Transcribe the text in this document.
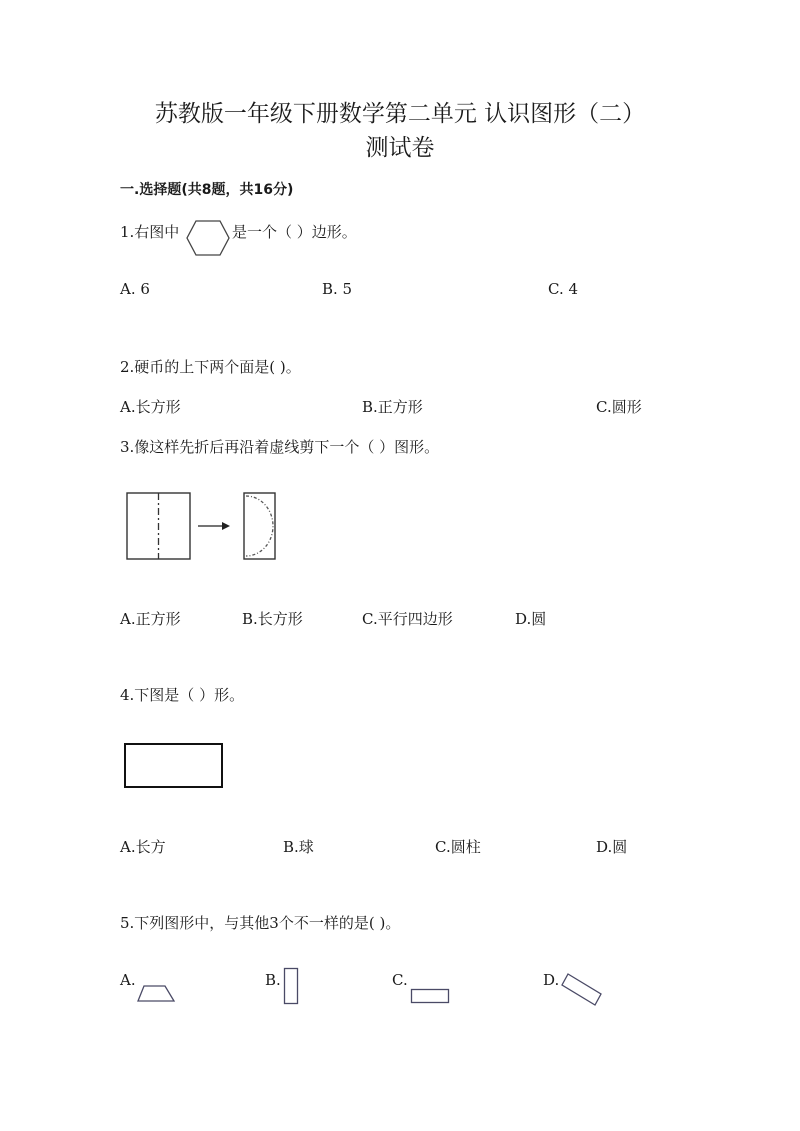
苏教版一年级下册数学第二单元 认识图形（二）
测试卷
一.选择题(共8题，共16分)
1.右图中	是一个（ ）边形。
A. 6	B. 5	C. 4
2.硬币的上下两个面是( )。
A.长方形	B.正方形	C.圆形
3.像这样先折后再沿着虚线剪下一个（ ）图形。
A.正方形	B.长方形	C.平行四边形	D.圆
4.下图是（ ）形。
A.长方	B.球	C.圆柱	D.圆
5.下列图形中，与其他3个不一样的是( )。
A.	B.	C.	D.
